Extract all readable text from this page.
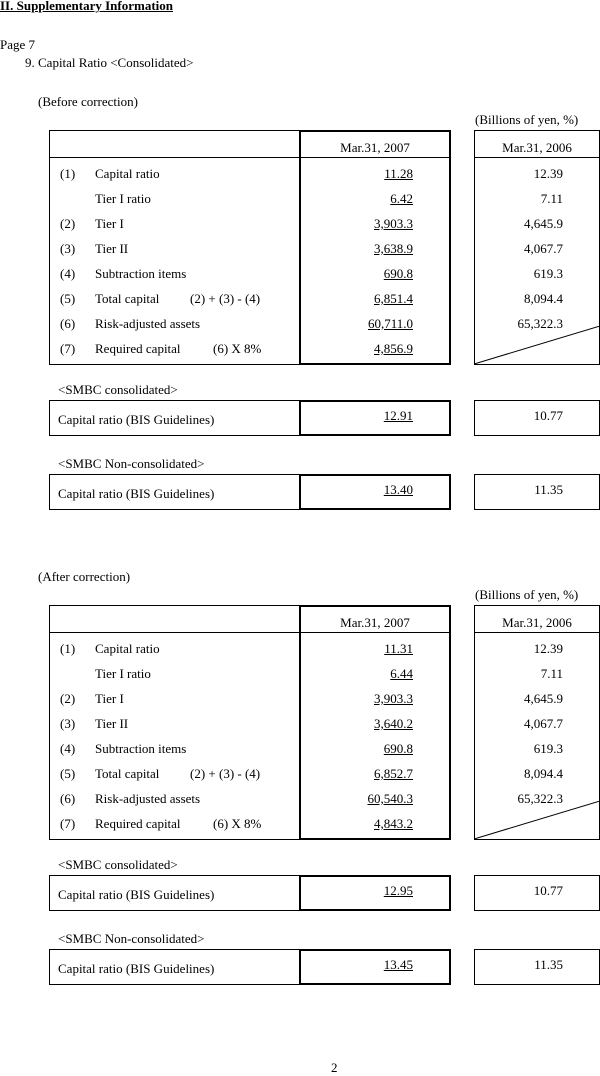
II. Supplementary Information
Page 7
9. Capital Ratio <Consolidated>
(Before correction)
(Billions of yen, %)
Mar.31, 2007	Mar.31, 2006
(1) Capital ratio	11.28	12.39
Tier I ratio	6.42	7.11
(2) Tier I	3,903.3	4,645.9
(3) Tier II	3,638.9	4,067.7
(4) Subtraction items	690.8	619.3
(5) Total capital (2) + (3) - (4)	6,851.4	8,094.4
(6) Risk-adjusted assets	60,711.0	65,322.3
(7) Required capital (6) X 8%	4,856.9
<SMBC consolidated>
Capital ratio (BIS Guidelines)	12.91	10.77
<SMBC Non-consolidated>
Capital ratio (BIS Guidelines)	13.40	11.35
(After correction)
(Billions of yen, %)
Mar.31, 2007	Mar.31, 2006
(1) Capital ratio	11.31	12.39
Tier I ratio	6.44	7.11
(2) Tier I	3,903.3	4,645.9
(3) Tier II	3,640.2	4,067.7
(4) Subtraction items	690.8	619.3
(5) Total capital (2) + (3) - (4)	6,852.7	8,094.4
(6) Risk-adjusted assets	60,540.3	65,322.3
(7) Required capital (6) X 8%	4,843.2
<SMBC consolidated>
Capital ratio (BIS Guidelines)	12.95	10.77
<SMBC Non-consolidated>
Capital ratio (BIS Guidelines)	13.45	11.35
2
